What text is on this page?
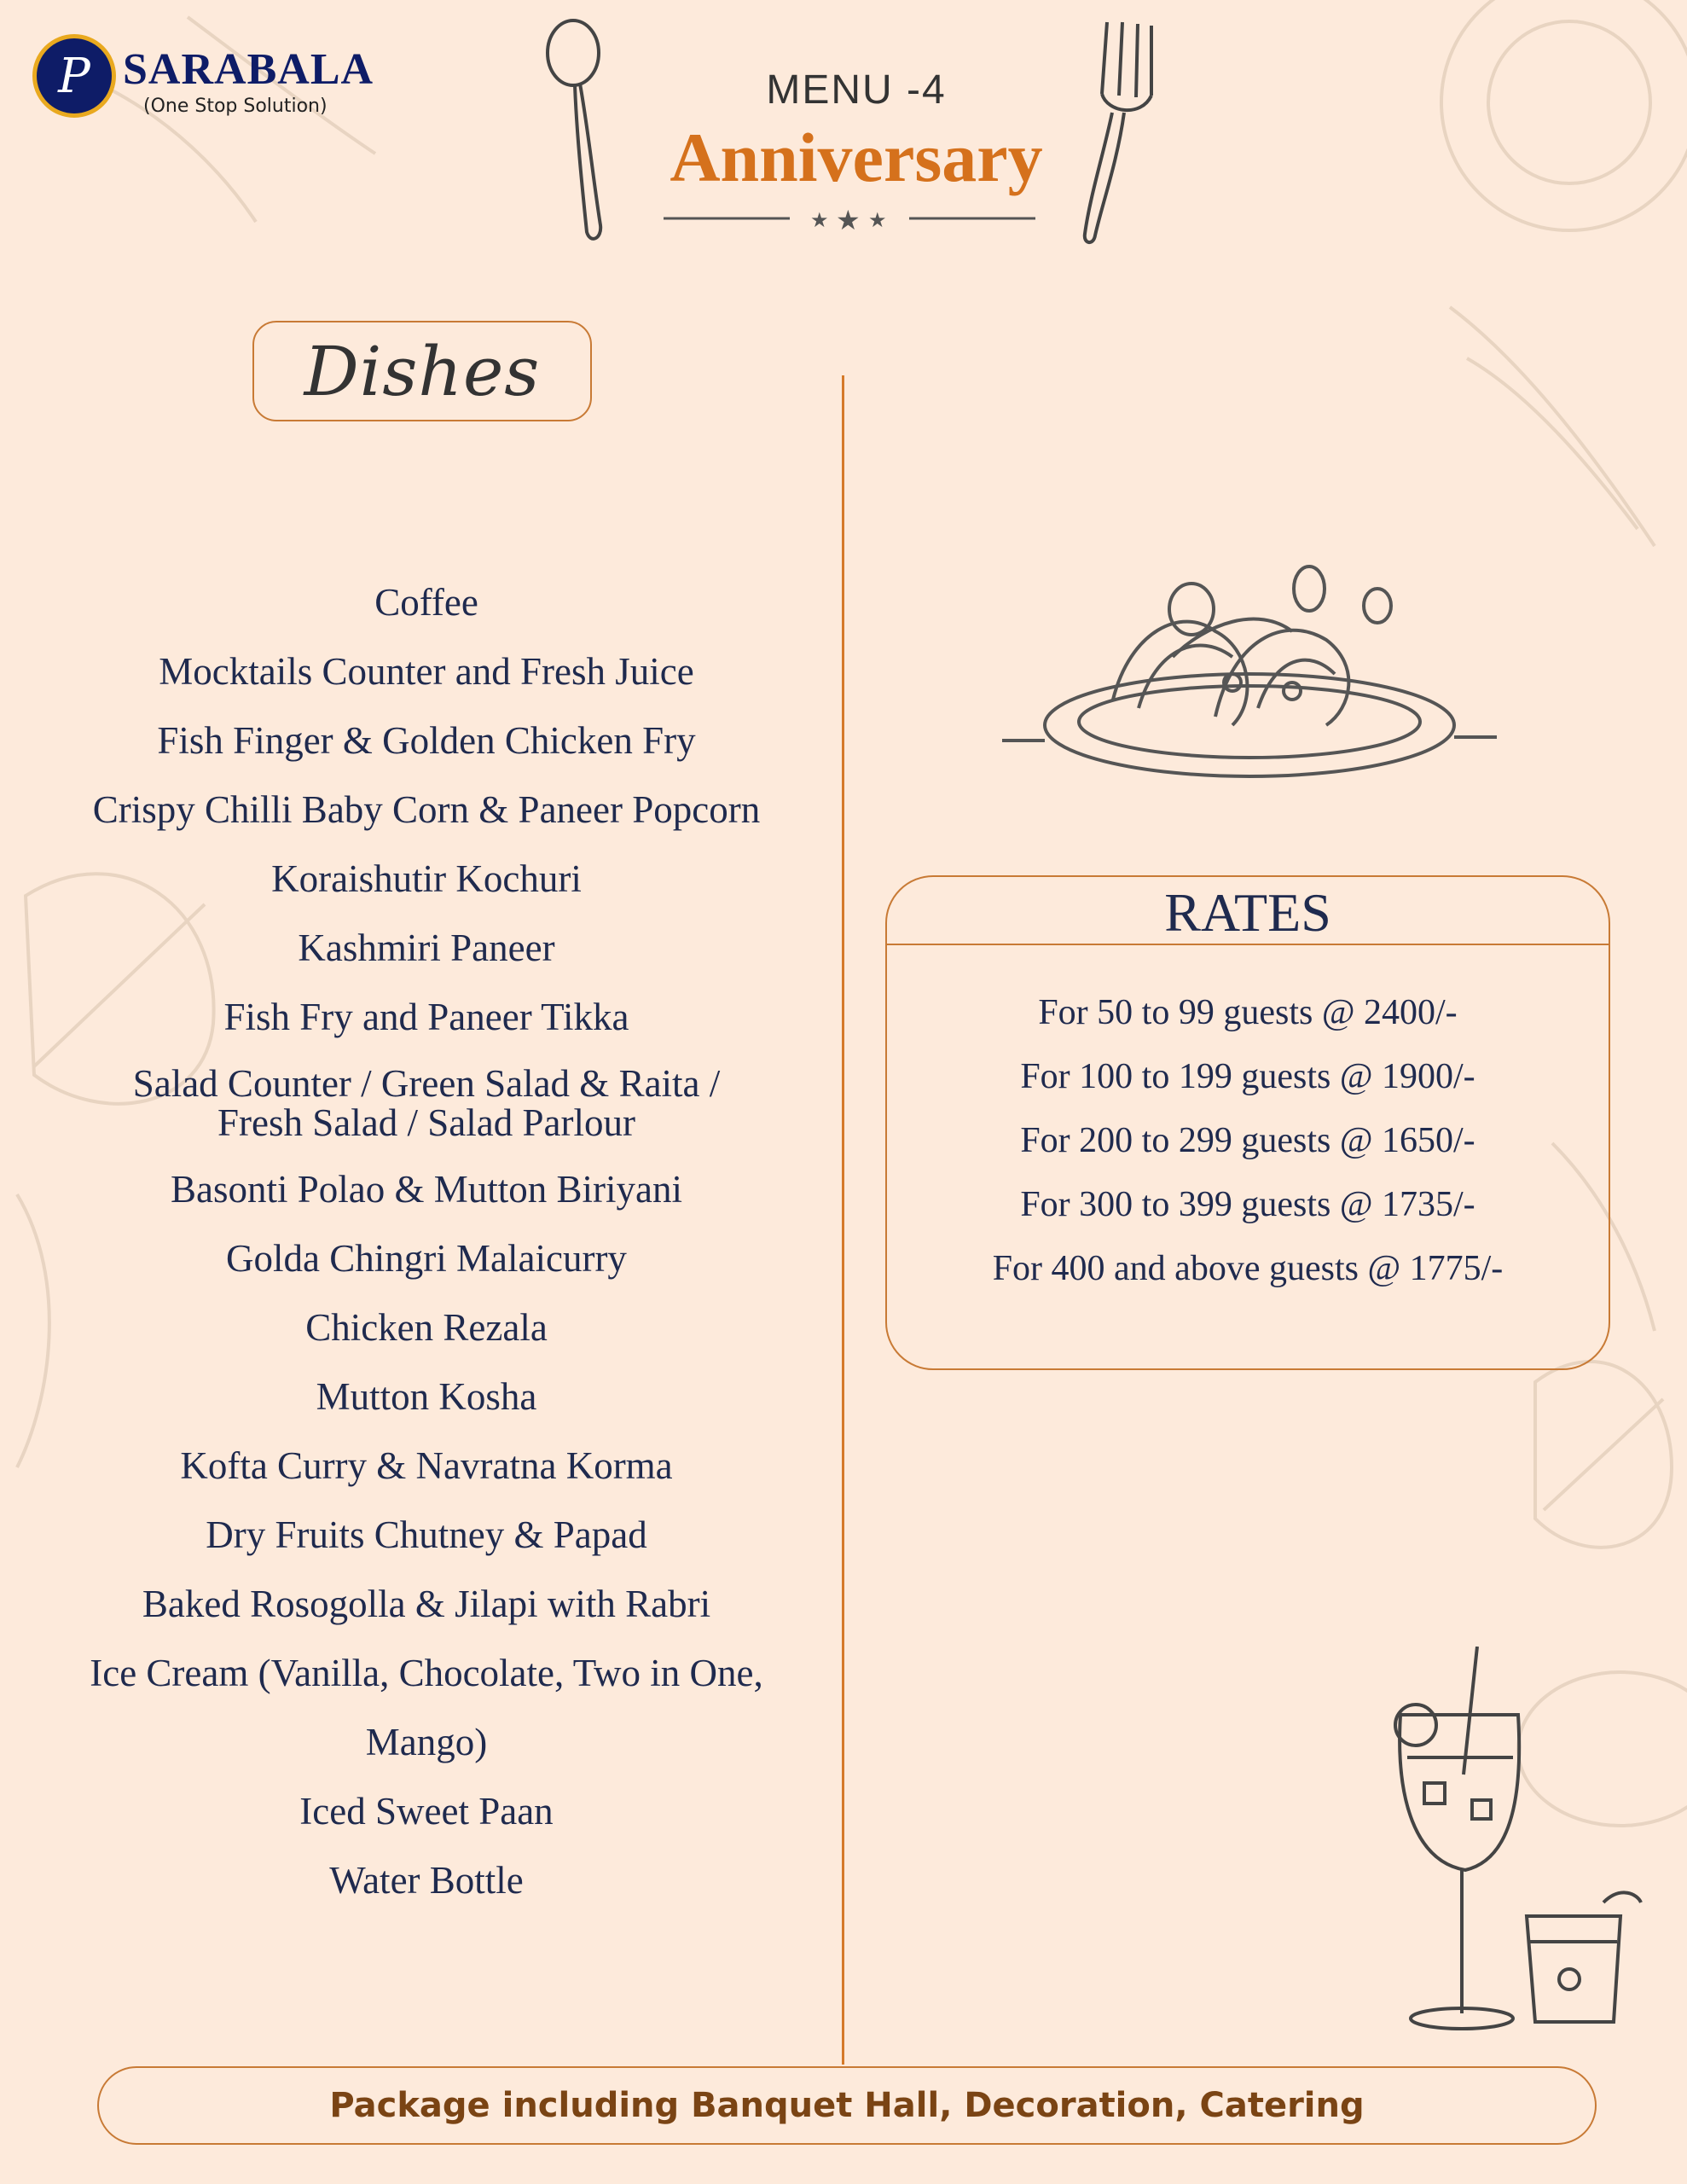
P SARABALA
(One Stop Solution)	MENU -4
Anniversary
★ ★ ★
Dishes
Coffee
Mocktails Counter and Fresh Juice
Fish Finger & Golden Chicken Fry
Crispy Chilli Baby Corn & Paneer Popcorn
Koraishutir Kochuri
Kashmiri Paneer
Fish Fry and Paneer Tikka
Salad Counter / Green Salad & Raita /
Fresh Salad / Salad Parlour
Basonti Polao & Mutton Biriyani
Golda Chingri Malaicurry
Chicken Rezala
Mutton Kosha
Kofta Curry & Navratna Korma
Dry Fruits Chutney & Papad
Baked Rosogolla & Jilapi with Rabri
Ice Cream (Vanilla, Chocolate, Two in One,
Mango)
Iced Sweet Paan
Water Bottle
RATES
For 50 to 99 guests @ 2400/-
For 100 to 199 guests @ 1900/-
For 200 to 299 guests @ 1650/-
For 300 to 399 guests @ 1735/-
For 400 and above guests @ 1775/-
Package including Banquet Hall, Decoration, Catering
